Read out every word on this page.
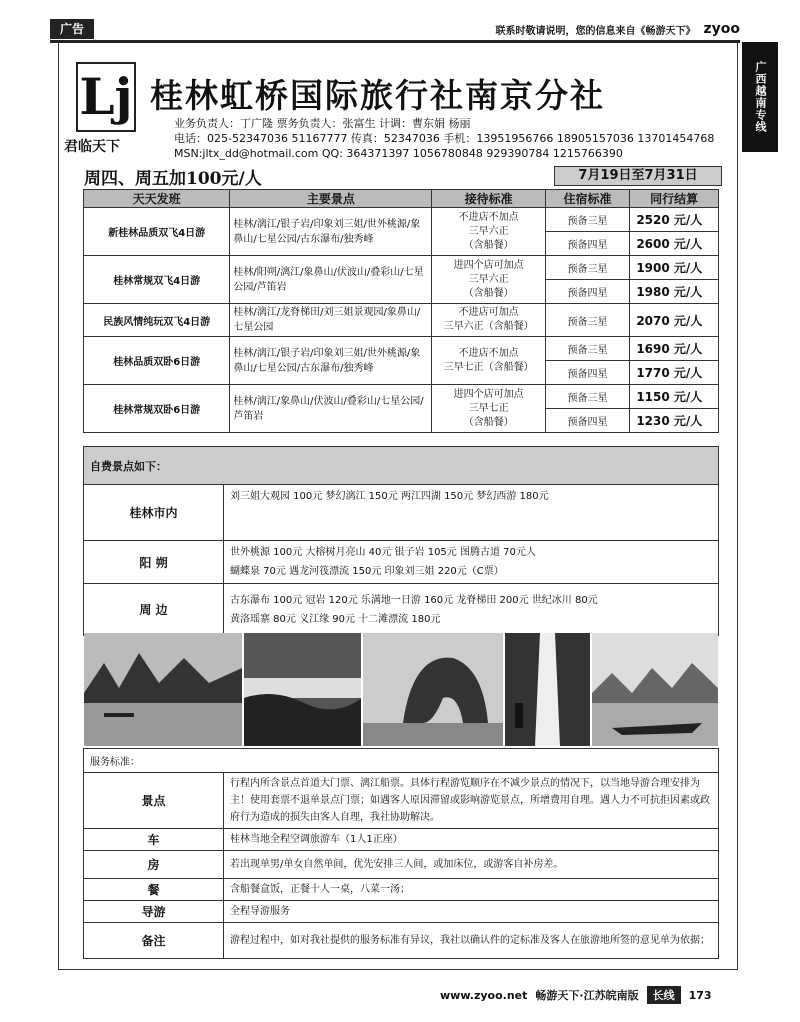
广告	联系时敬请说明，您的信息来自《畅游天下》 zyoo
广西越南专线
Lj
君临天下
桂林虹桥国际旅行社南京分社
业务负责人：丁广隆 票务负责人：张富生 计调：曹东娟 杨丽
电话：025-52347036 51167777 传真：52347036 手机：13951956766 18905157036 13701454768
MSN:jltx_dd@hotmail.com QQ: 364371397 1056780848 929390784 1215766390
周四、周五加100元/人	7月19日至7月31日
天天发班	主要景点	接待标准	住宿标准	同行结算
新桂林品质双飞4日游	桂林/漓江/银子岩/印象刘三姐/世外桃源/象鼻山/七星公园/古东瀑布/独秀峰	不进店不加点
三早六正
（含船餐）	预备三星	2520 元/人
			预备四星	2600 元/人
桂林常规双飞4日游	桂林/阳朔/漓江/象鼻山/伏波山/叠彩山/七星公园/芦笛岩	进四个店可加点
三早六正
（含船餐）	预备三星	1900 元/人
			预备四星	1980 元/人
民族风情纯玩双飞4日游	桂林/漓江/龙脊梯田/刘三姐景观园/象鼻山/七星公园	不进店可加点
三早六正（含船餐）	预备三星	2070 元/人
桂林品质双卧6日游	桂林/漓江/银子岩/印象刘三姐/世外桃源/象鼻山/七星公园/古东瀑布/独秀峰	不进店不加点
三早七正（含船餐）	预备三星	1690 元/人
			预备四星	1770 元/人
桂林常规双卧6日游	桂林/漓江/象鼻山/伏波山/叠彩山/七星公园/芦笛岩	进四个店可加点
三早七正
（含船餐）	预备三星	1150 元/人
			预备四星	1230 元/人
自费景点如下：	
桂林市内	刘三姐大观园 100元 梦幻漓江 150元 两江四湖 150元 梦幻西游 180元

阳 朔	世外桃源 100元 大榕树月亮山 40元 银子岩 105元 图腾古道 70元人
蝴蝶泉 70元 遇龙河筏漂流 150元 印象刘三姐 220元（C票）

周 边	古东瀑布 100元 冠岩 120元 乐满地一日游 160元 龙脊梯田 200元 世纪冰川 80元
黄洛瑶寨 80元 义江缘 90元 十二滩漂流 180元
服务标准：	
景点	行程内所含景点首道大门票、漓江船票。具体行程游览顺序在不减少景点的情况下，以当地导游合理安排为主！使用套票不退单景点门票；如遇客人原因滞留或影响游览景点，所增费用自理。遇人力不可抗拒因素或政府行为造成的损失由客人自理，我社协助解决。
车	桂林当地全程空调旅游车（1人1正座）
房	若出现单男/单女自然单间，优先安排三人间，或加床位，或游客自补房差。
餐	含船餐盒饭，正餐十人一桌，八菜一汤；
导游	全程导游服务
备注	游程过程中，如对我社提供的服务标准有异议，我社以确认件的定标准及客人在旅游地所签的意见单为依据；
www.zyoo.net 畅游天下·江苏皖南版	长线	173
